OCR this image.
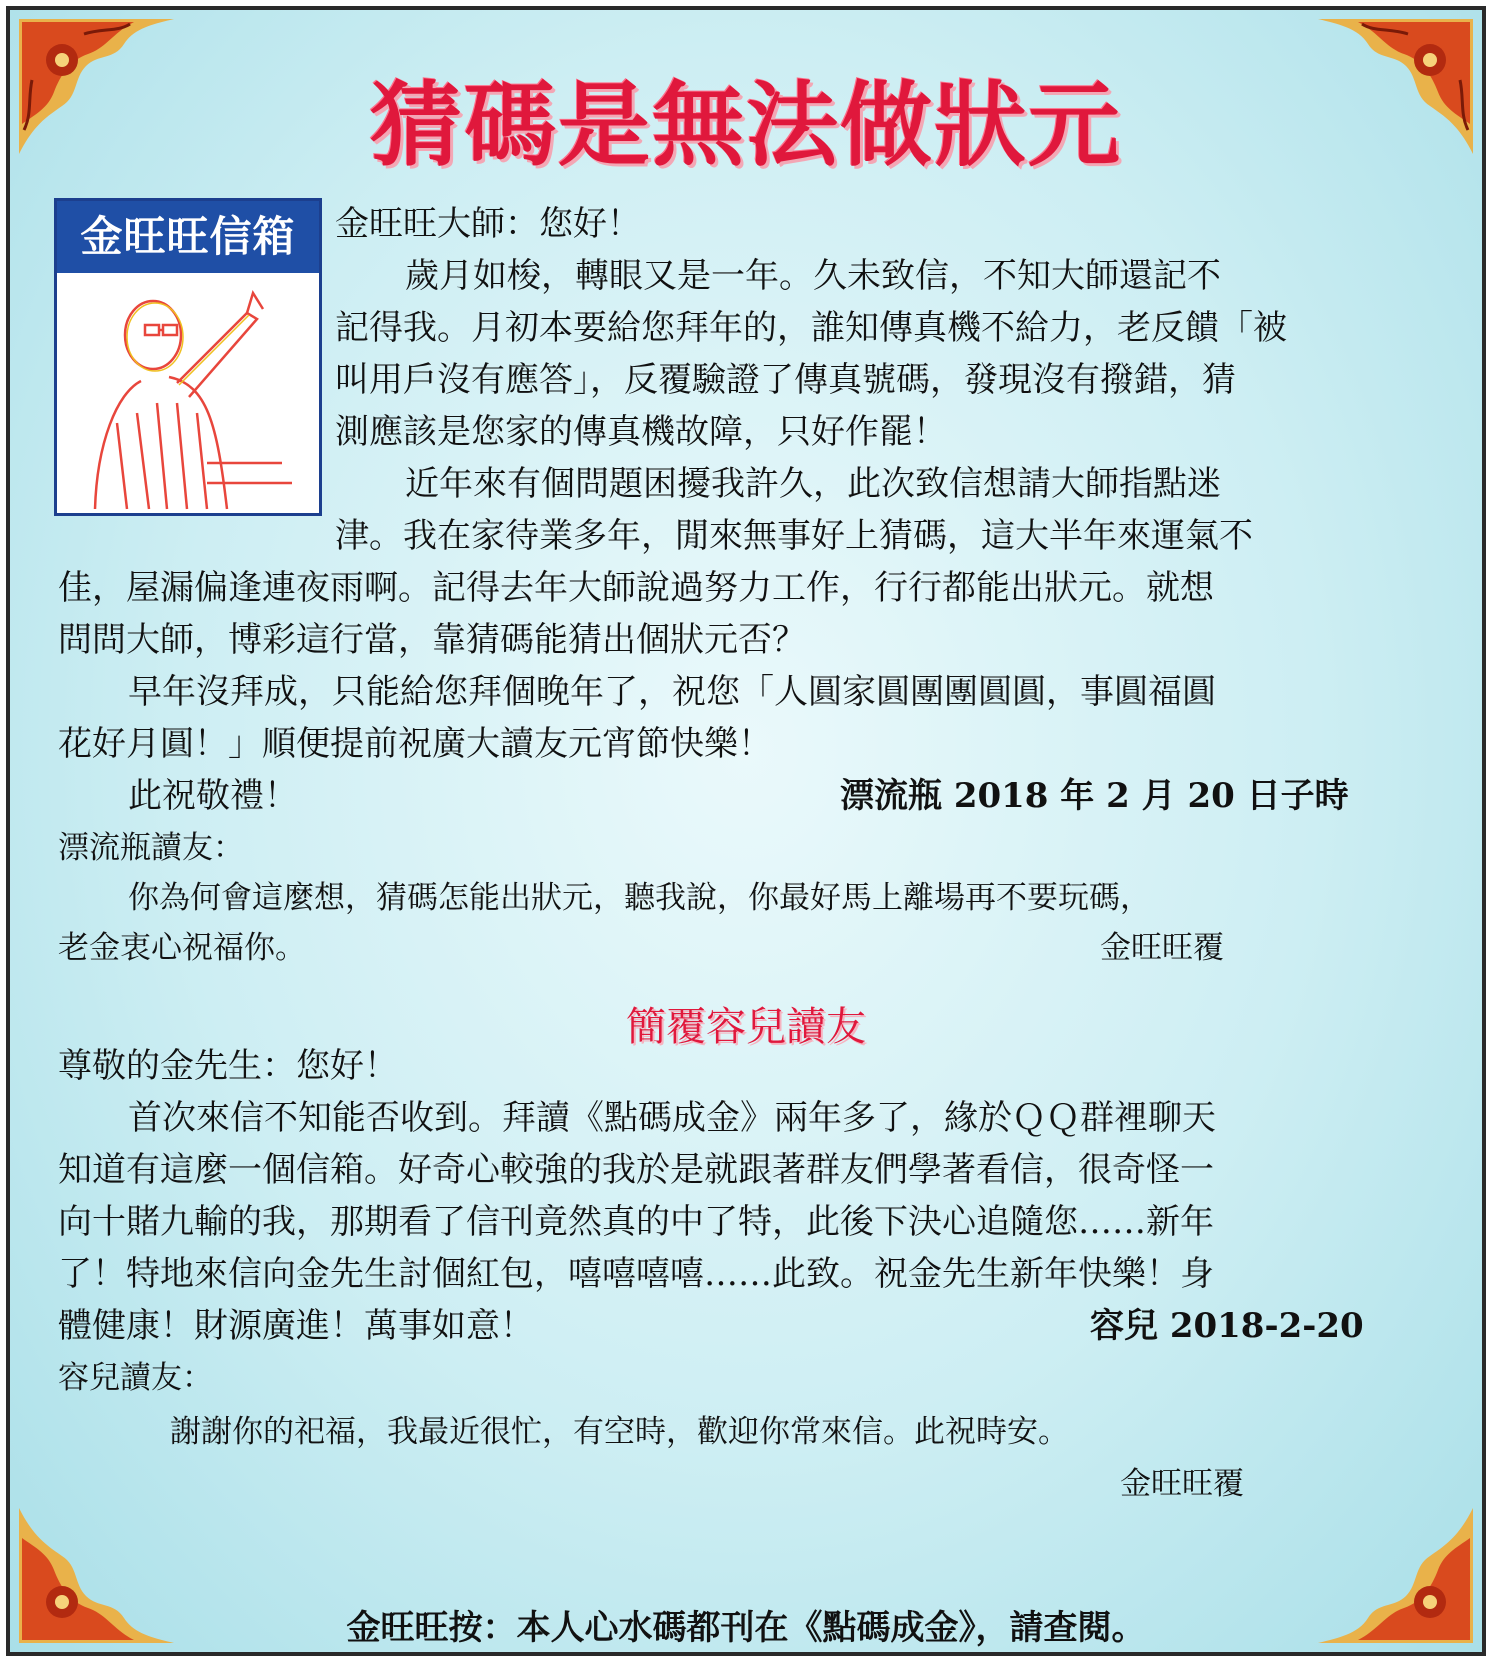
猜碼是無法做狀元
金旺旺信箱	金旺旺大師：您好！
歲月如梭，轉眼又是一年。久未致信，不知大師還記不
記得我。月初本要給您拜年的，誰知傳真機不給力，老反饋「被
叫用戶沒有應答」，反覆驗證了傳真號碼，發現沒有撥錯，猜
測應該是您家的傳真機故障，只好作罷！
近年來有個問題困擾我許久，此次致信想請大師指點迷
津。我在家待業多年，閒來無事好上猜碼，這大半年來運氣不
佳，屋漏偏逢連夜雨啊。記得去年大師說過努力工作，行行都能出狀元。就想
問問大師，博彩這行當，靠猜碼能猜出個狀元否？
早年沒拜成，只能給您拜個晚年了，祝您「人圓家圓團團圓圓，事圓福圓
花好月圓！」順便提前祝廣大讀友元宵節快樂！
此祝敬禮！	漂流瓶 2018 年 2 月 20 日子時
漂流瓶讀友：
你為何會這麼想，猜碼怎能出狀元，聽我說，你最好馬上離場再不要玩碼，
老金衷心祝福你。	金旺旺覆
簡覆容兒讀友
尊敬的金先生：您好！
首次來信不知能否收到。拜讀《點碼成金》兩年多了，緣於ＱＱ群裡聊天
知道有這麼一個信箱。好奇心較強的我於是就跟著群友們學著看信，很奇怪一
向十賭九輸的我，那期看了信刊竟然真的中了特，此後下決心追隨您……新年
了！特地來信向金先生討個紅包，嘻嘻嘻嘻……此致。祝金先生新年快樂！身
體健康！財源廣進！萬事如意！	容兒 2018-2-20
容兒讀友：
謝謝你的祀福，我最近很忙，有空時，歡迎你常來信。此祝時安。
金旺旺覆
金旺旺按：本人心水碼都刊在《點碼成金》，請查閱。
